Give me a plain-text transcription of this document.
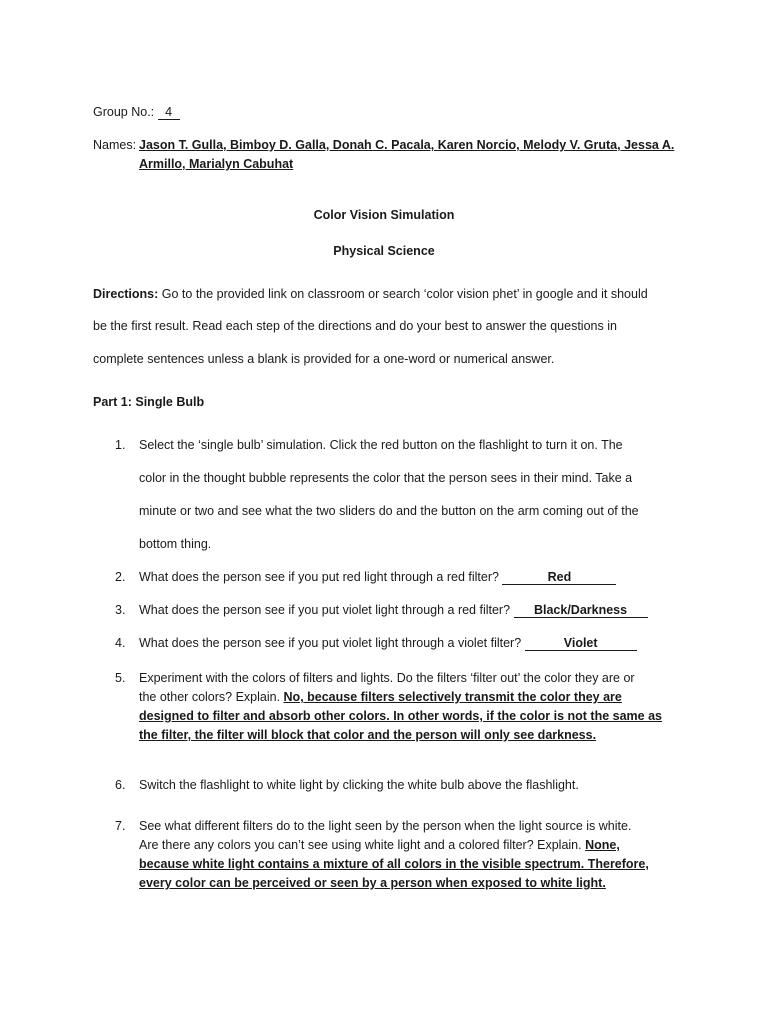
Group No.: 4
Names: Jason T. Gulla, Bimboy D. Galla, Donah C. Pacala, Karen Norcio, Melody V. Gruta, Jessa A.
Armillo, Marialyn Cabuhat
Color Vision Simulation
Physical Science
Directions: Go to the provided link on classroom or search ‘color vision phet’ in google and it should
be the first result. Read each step of the directions and do your best to answer the questions in
complete sentences unless a blank is provided for a one-word or numerical answer.
Part 1: Single Bulb
1.	Select the ‘single bulb’ simulation. Click the red button on the flashlight to turn it on. The
color in the thought bubble represents the color that the person sees in their mind. Take a
minute or two and see what the two sliders do and the button on the arm coming out of the
bottom thing.
2.	What does the person see if you put red light through a red filter?	Red
3.	What does the person see if you put violet light through a red filter? Black/Darkness
4.	What does the person see if you put violet light through a violet filter?	Violet
5.	Experiment with the colors of filters and lights. Do the filters ‘filter out’ the color they are or
the other colors? Explain. No, because filters selectively transmit the color they are
designed to filter and absorb other colors. In other words, if the color is not the same as
the filter, the filter will block that color and the person will only see darkness.
6.	Switch the flashlight to white light by clicking the white bulb above the flashlight.
7.	See what different filters do to the light seen by the person when the light source is white.
Are there any colors you can’t see using white light and a colored filter? Explain. None,
because white light contains a mixture of all colors in the visible spectrum. Therefore,
every color can be perceived or seen by a person when exposed to white light.
